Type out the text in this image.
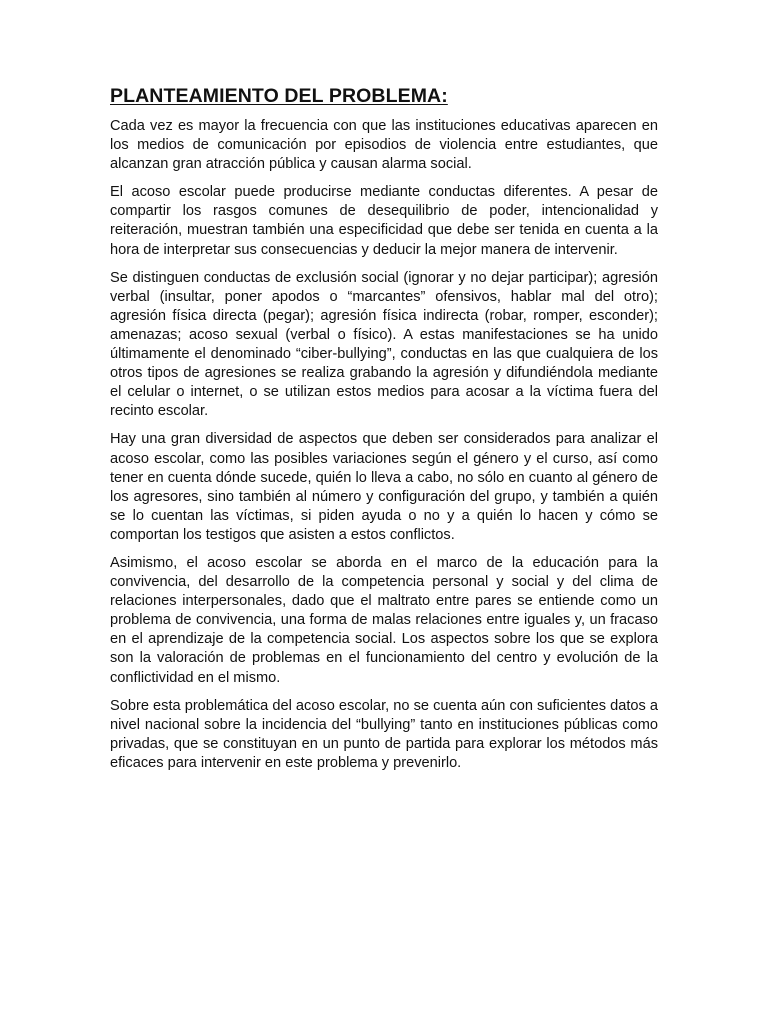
PLANTEAMIENTO DEL PROBLEMA:

Cada vez es mayor la frecuencia con que las instituciones educativas aparecen en los medios de comunicación por episodios de violencia entre estudiantes, que alcanzan gran atracción pública y causan alarma social.

El acoso escolar puede producirse mediante conductas diferentes. A pesar de compartir los rasgos comunes de desequilibrio de poder, intencionalidad y reiteración, muestran también una especificidad que debe ser tenida en cuenta a la hora de interpretar sus consecuencias y deducir la mejor manera de intervenir.

Se distinguen conductas de exclusión social (ignorar y no dejar participar); agresión verbal (insultar, poner apodos o “marcantes” ofensivos, hablar mal del otro); agresión física directa (pegar); agresión física indirecta (robar, romper, esconder); amenazas; acoso sexual (verbal o físico). A estas manifestaciones se ha unido últimamente el denominado “ciber-bullying”, conductas en las que cualquiera de los otros tipos de agresiones se realiza grabando la agresión y difundiéndola mediante el celular o internet, o se utilizan estos medios para acosar a la víctima fuera del recinto escolar.

Hay una gran diversidad de aspectos que deben ser considerados para analizar el acoso escolar, como las posibles variaciones según el género y el curso, así como tener en cuenta dónde sucede, quién lo lleva a cabo, no sólo en cuanto al género de los agresores, sino también al número y configuración del grupo, y también a quién se lo cuentan las víctimas, si piden ayuda o no y a quién lo hacen y cómo se comportan los testigos que asisten a estos conflictos.

Asimismo, el acoso escolar se aborda en el marco de la educación para la convivencia, del desarrollo de la competencia personal y social y del clima de relaciones interpersonales, dado que el maltrato entre pares se entiende como un problema de convivencia, una forma de malas relaciones entre iguales y, un fracaso en el aprendizaje de la competencia social. Los aspectos sobre los que se explora son la valoración de problemas en el funcionamiento del centro y evolución de la conflictividad en el mismo.

Sobre esta problemática del acoso escolar, no se cuenta aún con suficientes datos a nivel nacional sobre la incidencia del “bullying” tanto en instituciones públicas como privadas, que se constituyan en un punto de partida para explorar los métodos más eficaces para intervenir en este problema y prevenirlo.
